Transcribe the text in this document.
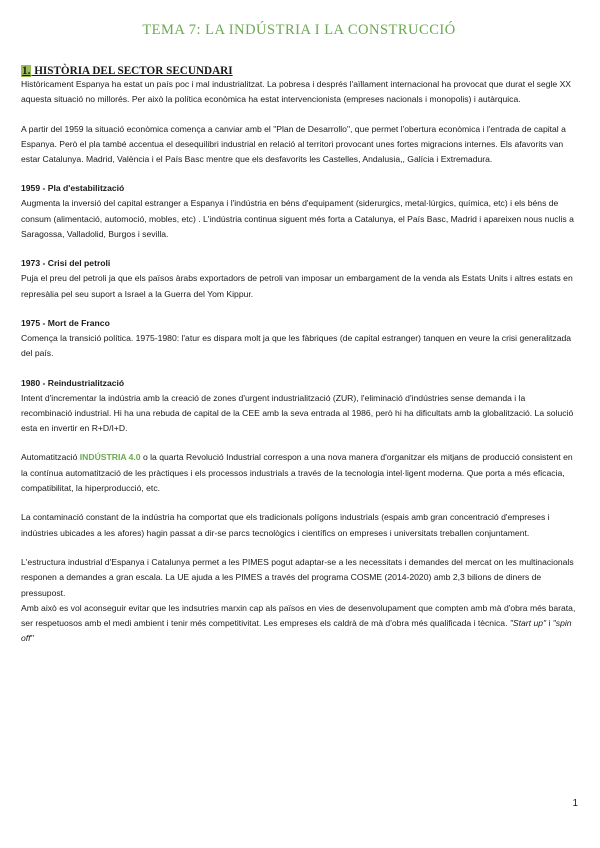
TEMA 7: LA INDÚSTRIA I LA CONSTRUCCIÓ
1. HISTÒRIA DEL SECTOR SECUNDARI

Històricament Espanya ha estat un país poc i mal industrialitzat. La pobresa i després l'aïllament internacional ha provocat que durat el segle XX aquesta situació no millorés. Per això la política econòmica ha estat intervencionista (empreses nacionals i monopolis) i autàrquica.

A partir del 1959 la situació econòmica comença a canviar amb el "Plan de Desarrollo", que permet l'obertura econòmica i l'entrada de capital a Espanya. Però el pla també accentua el desequilibri industrial en relació al territori provocant unes fortes migracions internes. Els afavorits van estar Catalunya. Madrid, València i el País Basc mentre que els desfavorits les Castelles, Andalusia,, Galícia i Extremadura.

1959 - Pla d'estabilització

Augmenta la inversió del capital estranger a Espanya i l'indústria en béns d'equipament (siderurgics, metal·lúrgics, química, etc) i els béns de consum (alimentació, automoció, mobles, etc) . L'indústria continua siguent més forta a Catalunya, el País Basc, Madrid i apareixen nous nuclis a Saragossa, Valladolid, Burgos i sevilla.

1973 - Crisi del petroli

Puja el preu del petroli ja que els països àrabs exportadors de petroli van imposar un embargament de la venda als Estats Units i altres estats en represàlia pel seu suport a Israel a la Guerra del Yom Kippur.

1975 - Mort de Franco

Comença la transició política. 1975-1980: l'atur es dispara molt ja que les fàbriques (de capital estranger) tanquen en veure la crisi generalitzada del país.

1980 - Reindustrialització

Intent d'incrementar la indústria amb la creació de zones d'urgent industrialització (ZUR), l'eliminació d'indústries sense demanda i la recombinació industrial. Hi ha una rebuda de capital de la CEE amb la seva entrada al 1986, però hi ha dificultats amb la globalització. La solució esta en invertir en R+D/I+D.

Automatització INDÚSTRIA 4.0 o la quarta Revolució Industrial correspon a una nova manera d'organitzar els mitjans de producció consistent en la contínua automatització de les pràctiques i els processos industrials a través de la tecnologia intel·ligent moderna. Que porta a més eficacia, compatibilitat, la hiperproducció, etc.

La contaminació constant de la indústria ha comportat que els tradicionals polígons industrials (espais amb gran concentració d'empreses i indústries ubicades a les afores) hagin passat a dir-se parcs tecnològics i científics on empreses i universitats treballen conjuntament.

L'estructura industrial d'Espanya i Catalunya permet a les PIMES pogut adaptar-se a les necessitats i demandes del mercat on les multinacionals responen a demandes a gran escala. La UE ajuda a les PIMES a través del programa COSME (2014-2020) amb 2,3 bilions de diners de pressupost.

Amb això es vol aconseguir evitar que les indsutries marxin cap als països en vies de desenvolupament que compten amb mà d'obra més barata, ser respetuosos amb el medi ambient i tenir més competitivitat. Les empreses els caldrà de mà d'obra més qualificada i tècnica. "Start up" i "spin off"

1
